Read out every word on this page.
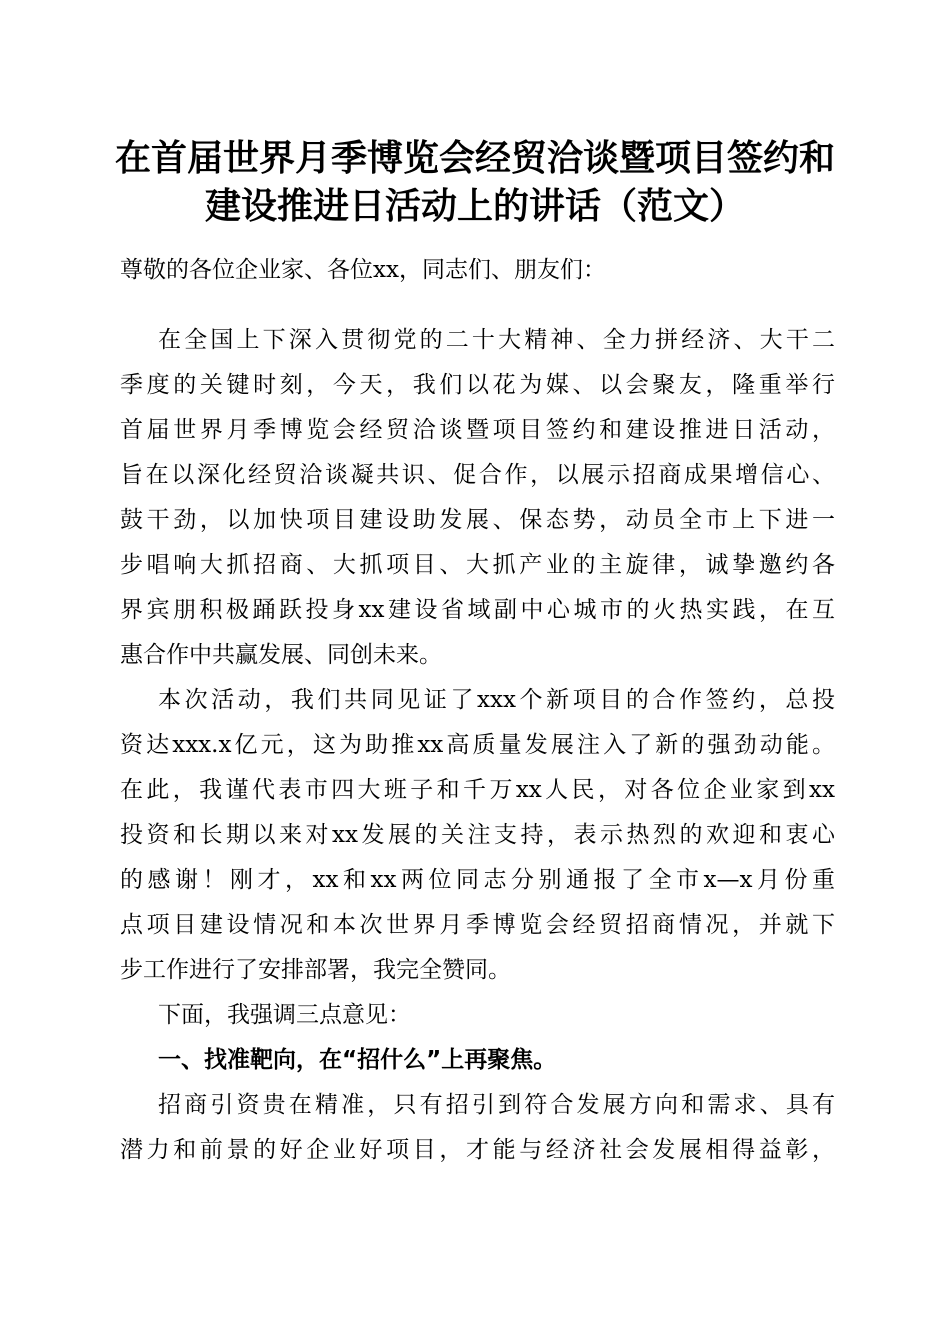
在首届世界月季博览会经贸洽谈暨项目签约和
建设推进日活动上的讲话（范文）
尊敬的各位企业家、各位xx，同志们、朋友们：
在全国上下深入贯彻党的二十大精神、全力拼经济、大干二
季度的关键时刻，今天，我们以花为媒、以会聚友，隆重举行
首届世界月季博览会经贸洽谈暨项目签约和建设推进日活动，
旨在以深化经贸洽谈凝共识、促合作，以展示招商成果增信心、
鼓干劲，以加快项目建设助发展、保态势，动员全市上下进一
步唱响大抓招商、大抓项目、大抓产业的主旋律，诚挚邀约各
界宾朋积极踊跃投身xx建设省域副中心城市的火热实践，在互
惠合作中共赢发展、同创未来。
本次活动，我们共同见证了xxx个新项目的合作签约，总投
资达xxx.x亿元，这为助推xx高质量发展注入了新的强劲动能。
在此，我谨代表市四大班子和千万xx人民，对各位企业家到xx
投资和长期以来对xx发展的关注支持，表示热烈的欢迎和衷心
的感谢！刚才，xx和xx两位同志分别通报了全市x—x月份重
点项目建设情况和本次世界月季博览会经贸招商情况，并就下
步工作进行了安排部署，我完全赞同。
下面，我强调三点意见：
一、找准靶向，在“招什么”上再聚焦。
招商引资贵在精准，只有招引到符合发展方向和需求、具有
潜力和前景的好企业好项目，才能与经济社会发展相得益彰，
